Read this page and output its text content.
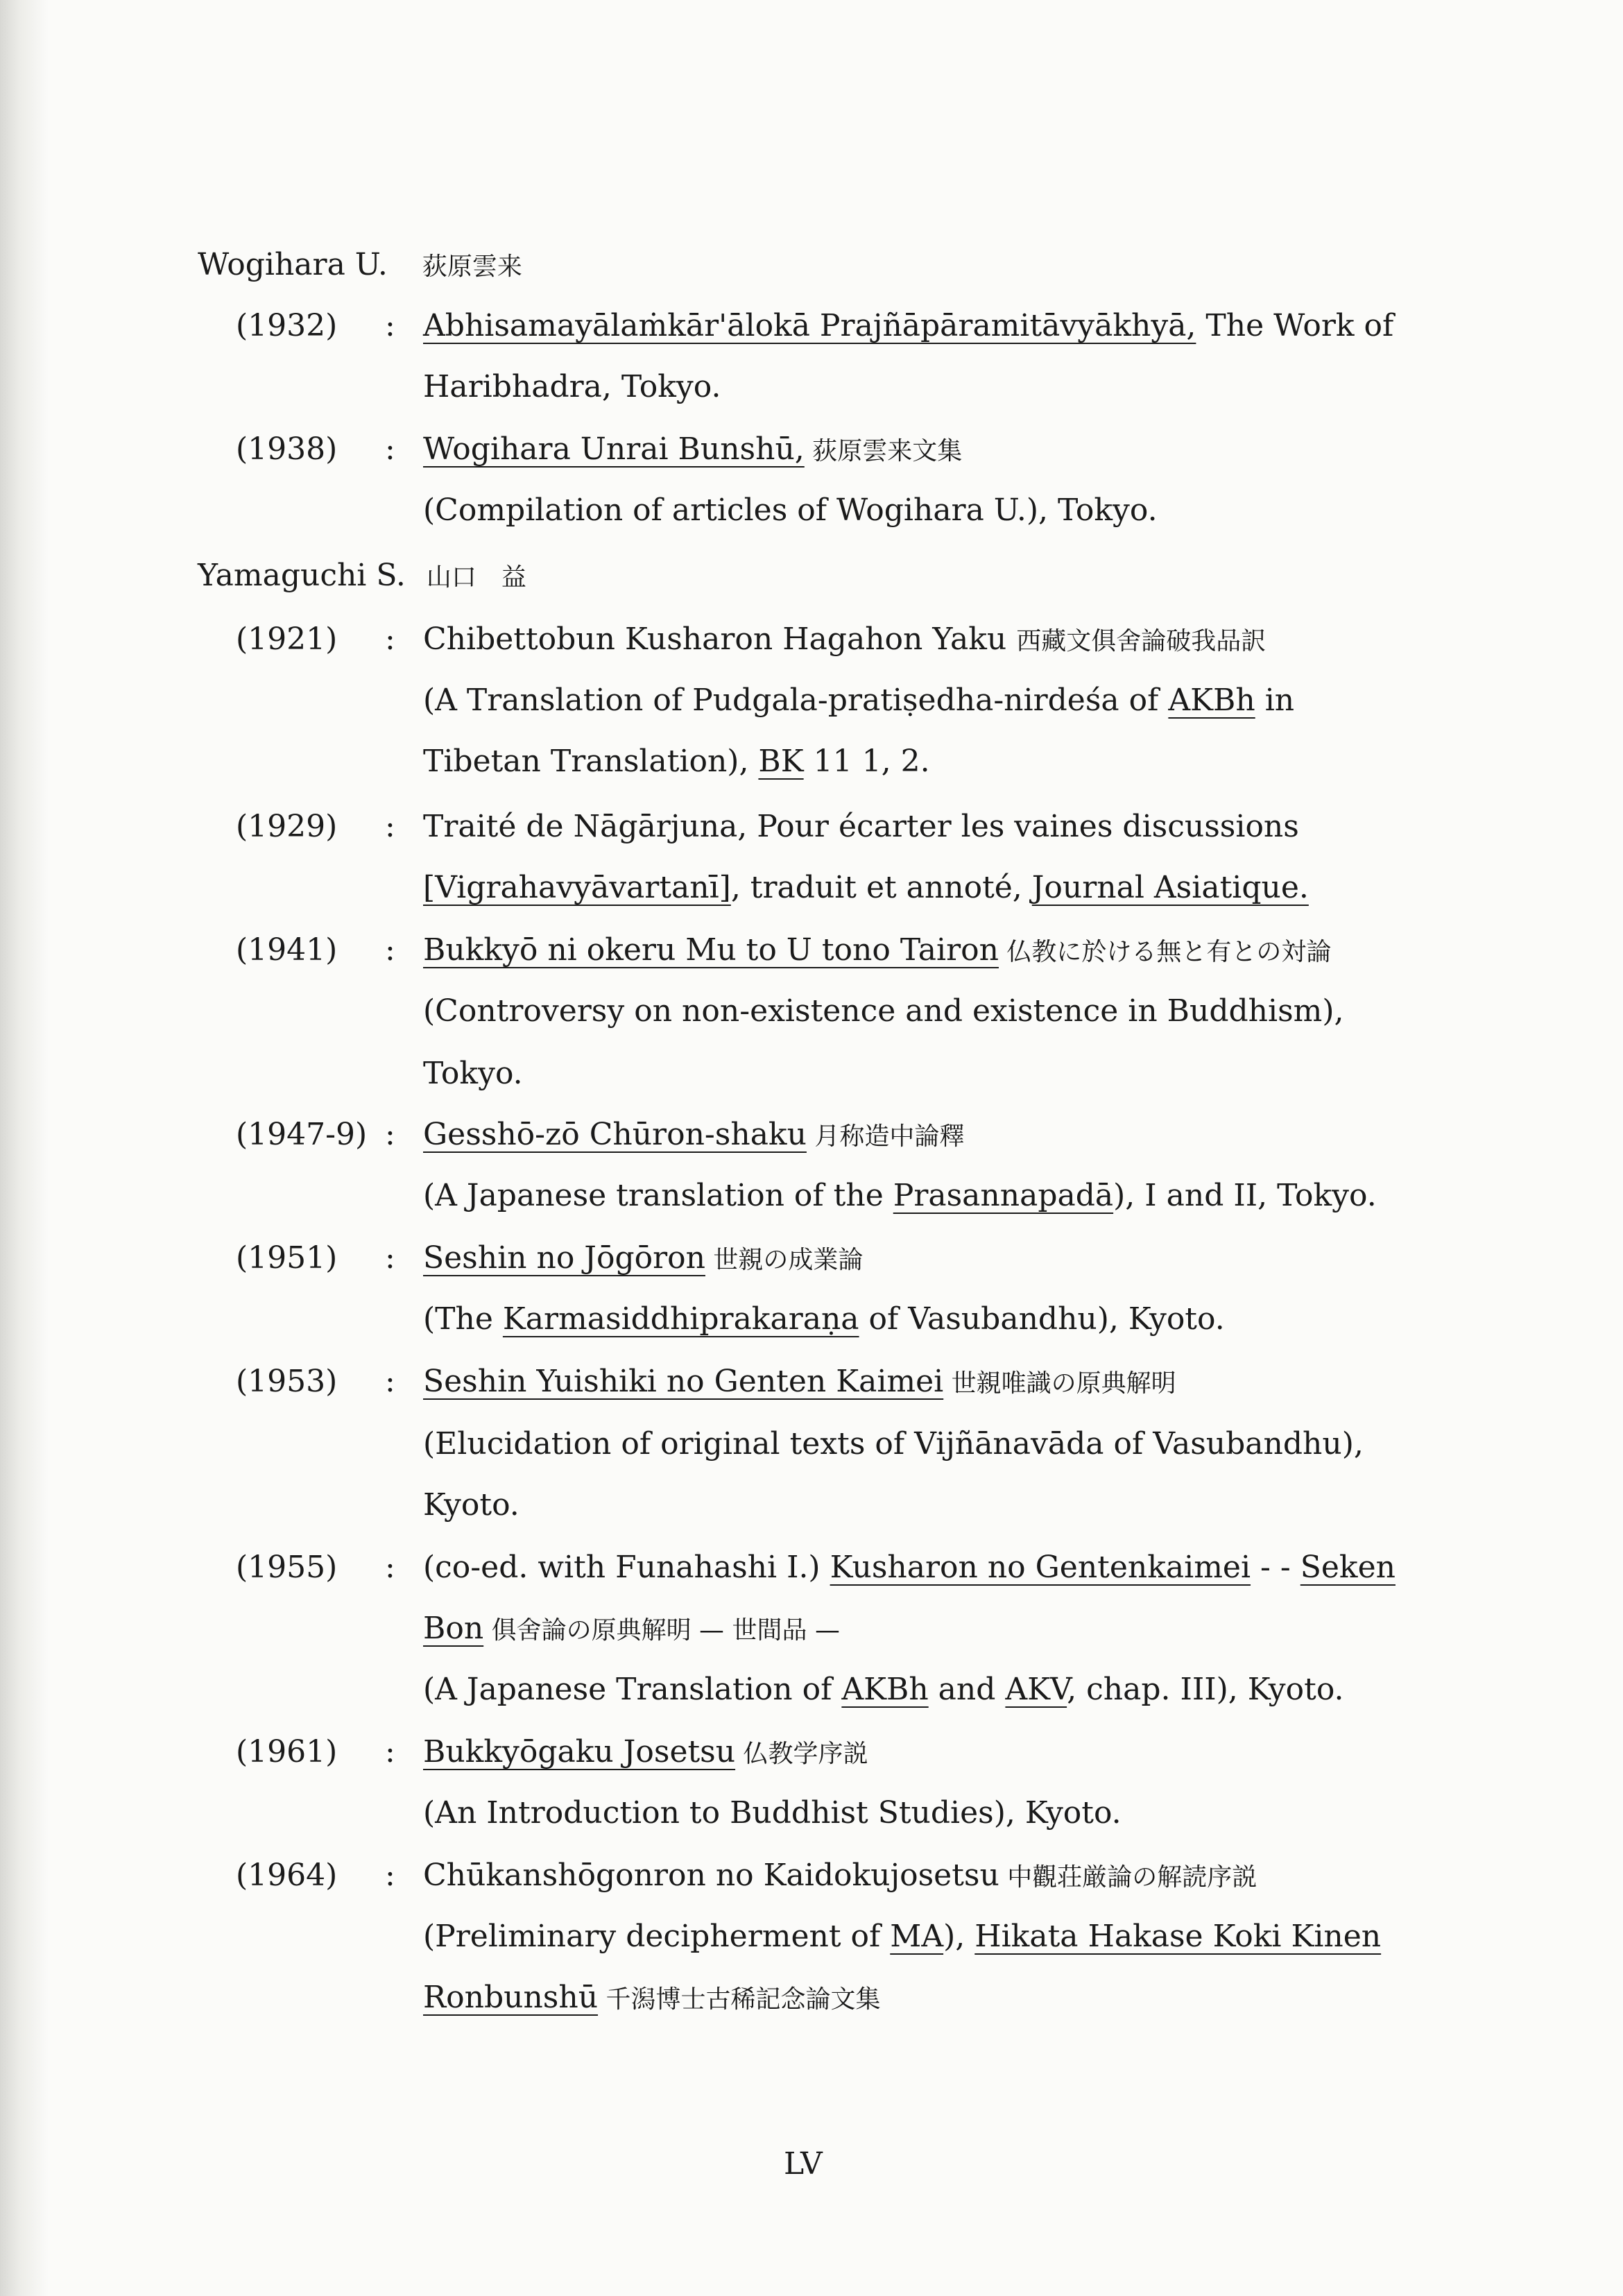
Wogihara U. 荻原雲来
(1932) : Abhisamayālaṁkār'ālokā Prajñāpāramitāvyākhyā, The Work of
Haribhadra, Tokyo.
(1938) : Wogihara Unrai Bunshū, 荻原雲来文集
(Compilation of articles of Wogihara U.), Tokyo.
Yamaguchi S. 山口　益
(1921) : Chibettobun Kusharon Hagahon Yaku 西藏文俱舍論破我品訳
(A Translation of Pudgala-pratiṣedha-nirdeśa of AKBh in
Tibetan Translation), BK 11 1, 2.
(1929) : Traité de Nāgārjuna, Pour écarter les vaines discussions
[Vigrahavyāvartanī], traduit et annoté, Journal Asiatique.
(1941) : Bukkyō ni okeru Mu to U tono Tairon 仏教に於ける無と有との対論
(Controversy on non-existence and existence in Buddhism),
Tokyo.
(1947-9) : Gesshō-zō Chūron-shaku 月称造中論釋
(A Japanese translation of the Prasannapadā), I and II, Tokyo.
(1951) : Seshin no Jōgōron 世親の成業論
(The Karmasiddhiprakaraṇa of Vasubandhu), Kyoto.
(1953) : Seshin Yuishiki no Genten Kaimei 世親唯識の原典解明
(Elucidation of original texts of Vijñānavāda of Vasubandhu),
Kyoto.
(1955) : (co-ed. with Funahashi I.) Kusharon no Gentenkaimei - - Seken
Bon 俱舍論の原典解明 — 世間品 —
(A Japanese Translation of AKBh and AKV, chap. III), Kyoto.
(1961) : Bukkyōgaku Josetsu 仏教学序説
(An Introduction to Buddhist Studies), Kyoto.
(1964) : Chūkanshōgonron no Kaidokujosetsu 中觀荘厳論の解読序説
(Preliminary decipherment of MA), Hikata Hakase Koki Kinen
Ronbunshū 千潟博士古稀記念論文集
LV
